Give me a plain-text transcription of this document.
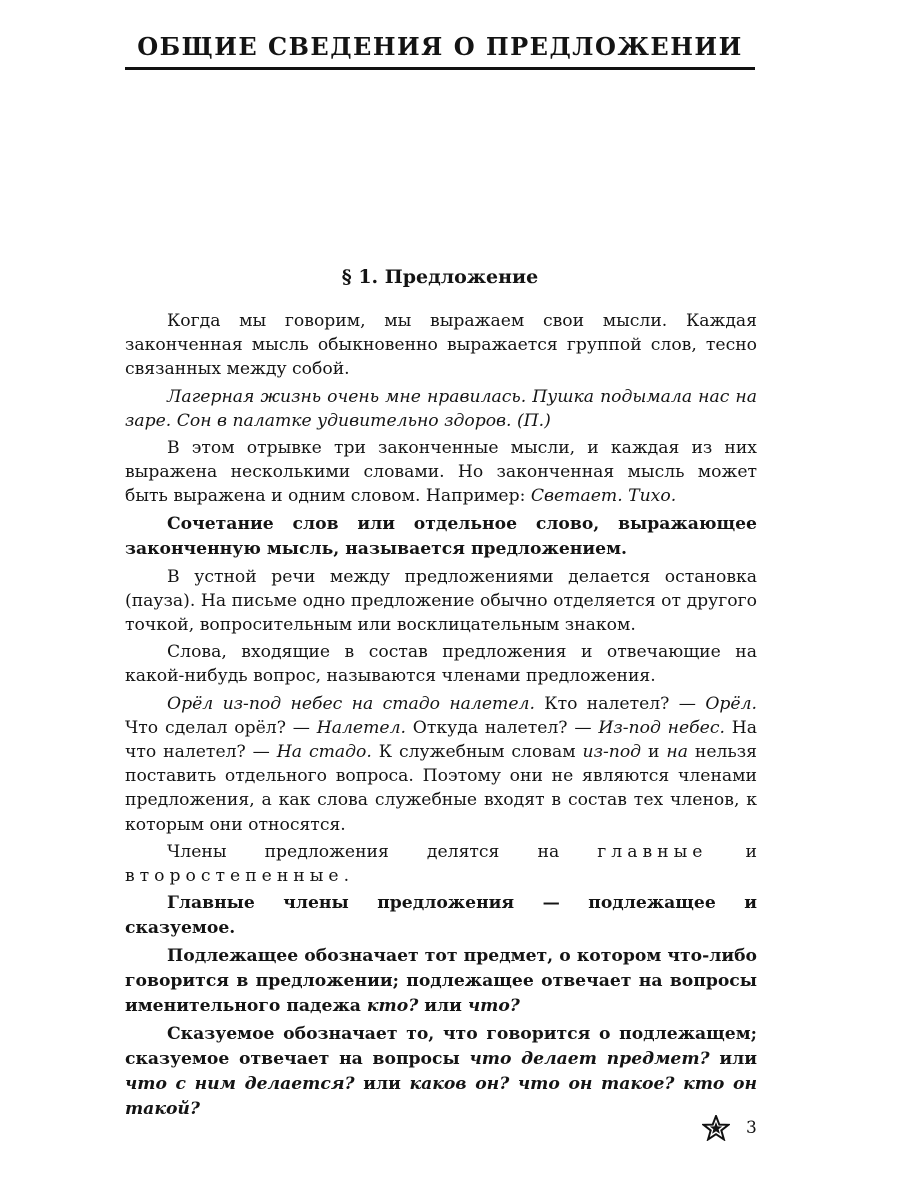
ОБЩИЕ СВЕДЕНИЯ О ПРЕДЛОЖЕНИИ
§ 1. Предложение

Когда мы говорим, мы выражаем свои мысли. Каждая законченная мысль обыкновенно выражается группой слов, тесно связанных между собой.

Лагерная жизнь очень мне нравилась. Пушка подымала нас на заре. Сон в палатке удивительно здоров. (П.)

В этом отрывке три законченные мысли, и каждая из них выражена несколькими словами. Но законченная мысль может быть выражена и одним словом. Например: Светает. Тихо.

Сочетание слов или отдельное слово, выражающее законченную мысль, называется предложением.

В устной речи между предложениями делается остановка (пауза). На письме одно предложение обычно отделяется от другого точкой, вопросительным или восклицательным знаком.

Слова, входящие в состав предложения и отвечающие на какой-нибудь вопрос, называются членами предложения.

Орёл из-под небес на стадо налетел. Кто налетел? — Орёл. Что сделал орёл? — Налетел. Откуда налетел? — Из-под небес. На что налетел? — На стадо. К служебным словам из-под и на нельзя поставить отдельного вопроса. Поэтому они не являются членами предложения, а как слова служебные входят в состав тех членов, к которым они относятся.

Члены предложения делятся на главные и второстепенные.

Главные члены предложения — подлежащее и сказуемое.

Подлежащее обозначает тот предмет, о котором что-либо говорится в предложении; подлежащее отвечает на вопросы именительного падежа кто? или что?

Сказуемое обозначает то, что говорится о подлежащем; сказуемое отвечает на вопросы что делает предмет? или что с ним делается? или каков он? что он такое? кто он такой?

3
